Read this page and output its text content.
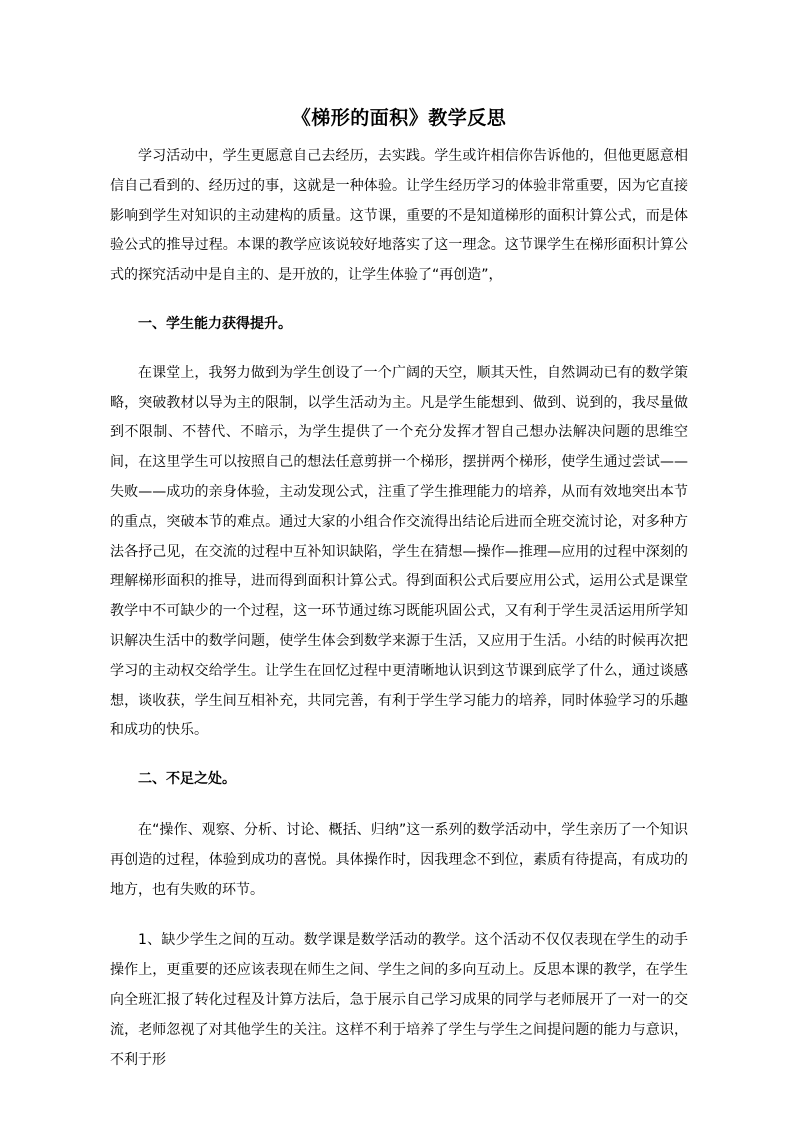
《梯形的面积》教学反思

学习活动中，学生更愿意自己去经历，去实践。学生或许相信你告诉他的，但他更愿意相信自己看到的、经历过的事，这就是一种体验。让学生经历学习的体验非常重要，因为它直接影响到学生对知识的主动建构的质量。这节课，重要的不是知道梯形的面积计算公式，而是体验公式的推导过程。本课的教学应该说较好地落实了这一理念。这节课学生在梯形面积计算公式的探究活动中是自主的、是开放的，让学生体验了“再创造”，

一、学生能力获得提升。

在课堂上，我努力做到为学生创设了一个广阔的天空，顺其天性，自然调动已有的数学策略，突破教材以导为主的限制，以学生活动为主。凡是学生能想到、做到、说到的，我尽量做到不限制、不替代、不暗示，为学生提供了一个充分发挥才智自己想办法解决问题的思维空间，在这里学生可以按照自己的想法任意剪拼一个梯形，摆拼两个梯形，使学生通过尝试——失败——成功的亲身体验，主动发现公式，注重了学生推理能力的培养，从而有效地突出本节的重点，突破本节的难点。通过大家的小组合作交流得出结论后进而全班交流讨论，对多种方法各抒己见，在交流的过程中互补知识缺陷，学生在猜想—操作—推理—应用的过程中深刻的理解梯形面积的推导，进而得到面积计算公式。得到面积公式后要应用公式，运用公式是课堂教学中不可缺少的一个过程，这一环节通过练习既能巩固公式，又有利于学生灵活运用所学知识解决生活中的数学问题，使学生体会到数学来源于生活，又应用于生活。小结的时候再次把学习的主动权交给学生。让学生在回忆过程中更清晰地认识到这节课到底学了什么，通过谈感想，谈收获，学生间互相补充，共同完善，有利于学生学习能力的培养，同时体验学习的乐趣和成功的快乐。

二、不足之处。

在“操作、观察、分析、讨论、概括、归纳”这一系列的数学活动中，学生亲历了一个知识再创造的过程，体验到成功的喜悦。具体操作时，因我理念不到位，素质有待提高，有成功的地方，也有失败的环节。

1、缺少学生之间的互动。数学课是数学活动的教学。这个活动不仅仅表现在学生的动手操作上，更重要的还应该表现在师生之间、学生之间的多向互动上。反思本课的教学，在学生向全班汇报了转化过程及计算方法后，急于展示自己学习成果的同学与老师展开了一对一的交流，老师忽视了对其他学生的关注。这样不利于培养了学生与学生之间提问题的能力与意识，不利于形
